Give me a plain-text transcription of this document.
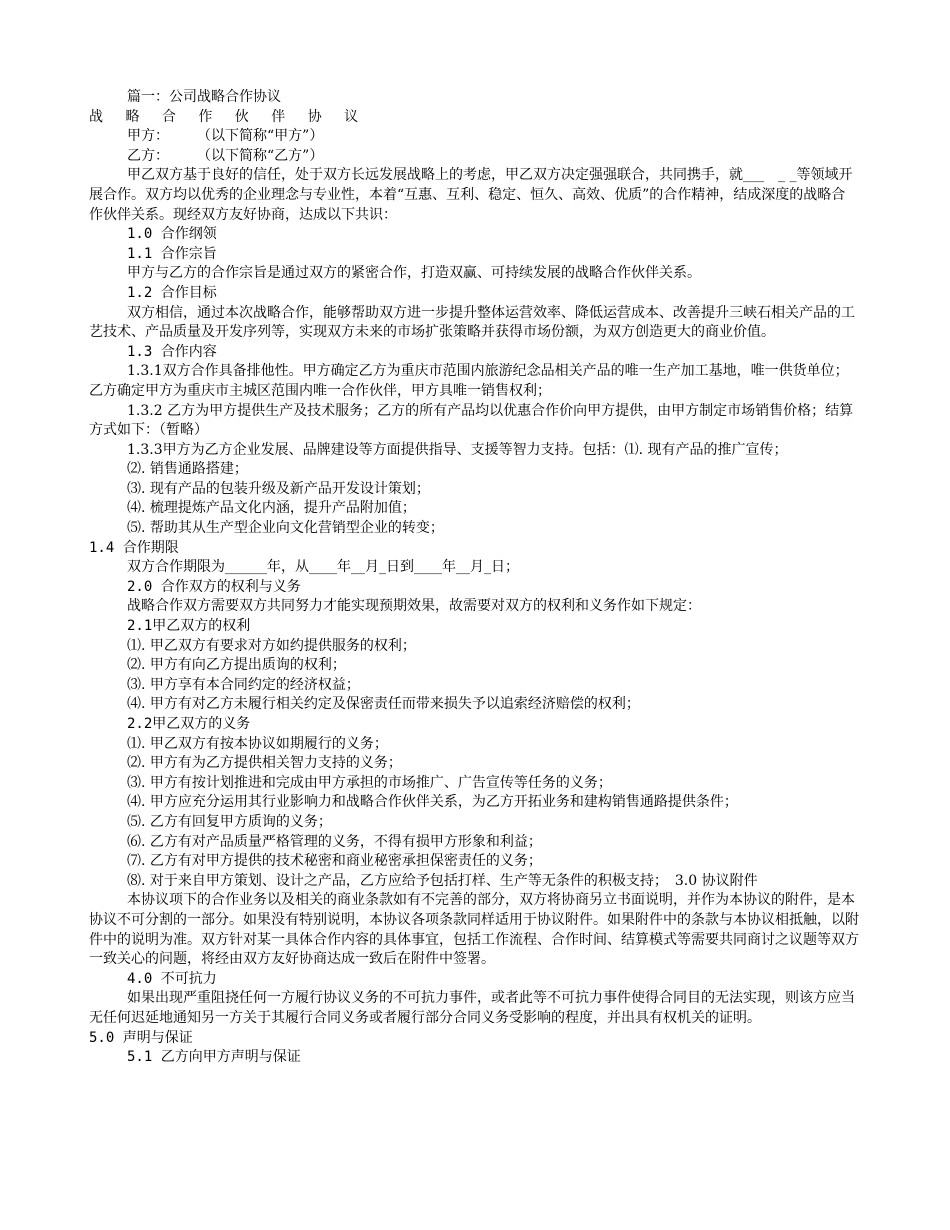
篇一：公司战略合作协议

战 略 合 作 伙 伴 协 议

甲方：　　　（以下简称“甲方”）

乙方：　　　（以下简称“乙方”）

甲乙双方基于良好的信任，处于双方长远发展战略上的考虑，甲乙双方决定强强联合，共同携手，就___　_ _等领域开展合作。双方均以优秀的企业理念与专业性，本着“互惠、互利、稳定、恒久、高效、优质”的合作精神，结成深度的战略合作伙伴关系。现经双方友好协商，达成以下共识：

1.0 合作纲领

1.1 合作宗旨

甲方与乙方的合作宗旨是通过双方的紧密合作，打造双赢、可持续发展的战略合作伙伴关系。

1.2 合作目标

双方相信，通过本次战略合作，能够帮助双方进一步提升整体运营效率、降低运营成本、改善提升三峡石相关产品的工艺技术、产品质量及开发序列等，实现双方未来的市场扩张策略并获得市场份额，为双方创造更大的商业价值。

1.3 合作内容

1.3.1双方合作具备排他性。甲方确定乙方为重庆市范围内旅游纪念品相关产品的唯一生产加工基地，唯一供货单位；乙方确定甲方为重庆市主城区范围内唯一合作伙伴，甲方具唯一销售权利；

1.3.2 乙方为甲方提供生产及技术服务；乙方的所有产品均以优惠合作价向甲方提供，由甲方制定市场销售价格；结算方式如下：（暂略）

1.3.3甲方为乙方企业发展、品牌建设等方面提供指导、支援等智力支持。包括：⑴. 现有产品的推广宣传；

⑵. 销售通路搭建；

⑶. 现有产品的包装升级及新产品开发设计策划；

⑷. 梳理提炼产品文化内涵，提升产品附加值；

⑸. 帮助其从生产型企业向文化营销型企业的转变；

1.4 合作期限

双方合作期限为______年，从____年__月_日到____年__月_日；

2.0 合作双方的权利与义务

战略合作双方需要双方共同努力才能实现预期效果，故需要对双方的权利和义务作如下规定：

2.1甲乙双方的权利

⑴. 甲乙双方有要求对方如约提供服务的权利；

⑵. 甲方有向乙方提出质询的权利；

⑶. 甲方享有本合同约定的经济权益；

⑷. 甲方有对乙方未履行相关约定及保密责任而带来损失予以追索经济赔偿的权利；

2.2甲乙双方的义务

⑴. 甲乙双方有按本协议如期履行的义务；

⑵. 甲方有为乙方提供相关智力支持的义务；

⑶. 甲方有按计划推进和完成由甲方承担的市场推广、广告宣传等任务的义务；

⑷. 甲方应充分运用其行业影响力和战略合作伙伴关系，为乙方开拓业务和建构销售通路提供条件；

⑸. 乙方有回复甲方质询的义务；

⑹. 乙方有对产品质量严格管理的义务，不得有损甲方形象和利益；

⑺. 乙方有对甲方提供的技术秘密和商业秘密承担保密责任的义务；

⑻. 对于来自甲方策划、设计之产品，乙方应给予包括打样、生产等无条件的积极支持；　3.0 协议附件

本协议项下的合作业务以及相关的商业条款如有不完善的部分，双方将协商另立书面说明，并作为本协议的附件，是本协议不可分割的一部分。如果没有特别说明，本协议各项条款同样适用于协议附件。如果附件中的条款与本协议相抵触，以附件中的说明为准。双方针对某一具体合作内容的具体事宜，包括工作流程、合作时间、结算模式等需要共同商讨之议题等双方一致关心的问题，将经由双方友好协商达成一致后在附件中签署。

4.0 不可抗力

如果出现严重阻挠任何一方履行协议义务的不可抗力事件，或者此等不可抗力事件使得合同目的无法实现，则该方应当无任何迟延地通知另一方关于其履行合同义务或者履行部分合同义务受影响的程度，并出具有权机关的证明。

5.0 声明与保证

5.1 乙方向甲方声明与保证
